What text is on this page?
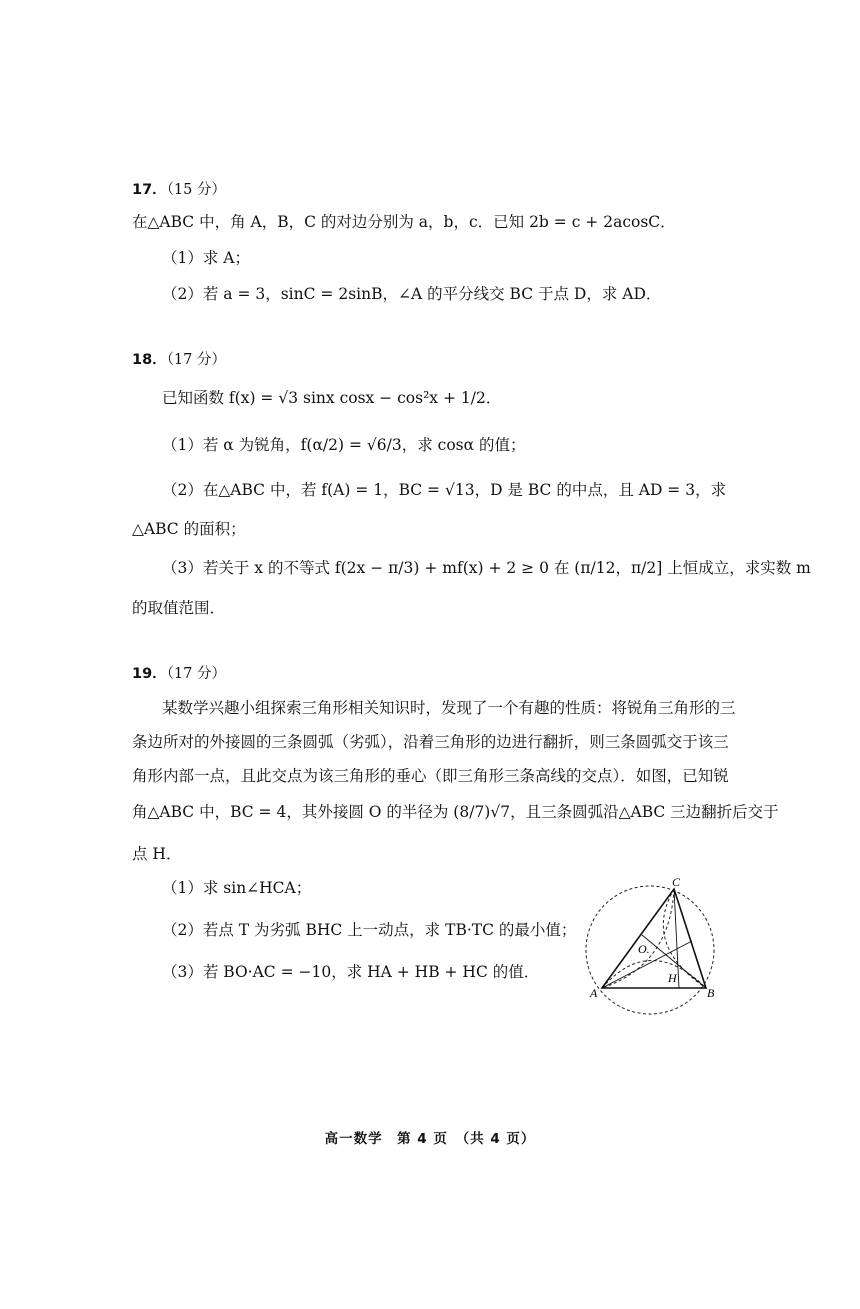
17．（15 分）
在△ABC 中，角 A，B，C 的对边分别为 a，b，c．已知 2b = c + 2acosC．
（1）求 A；
（2）若 a = 3，sinC = 2sinB，∠A 的平分线交 BC 于点 D，求 AD．
18．（17 分）
已知函数 f(x) = √3 sinx cosx − cos²x + 1/2．
（1）若 α 为锐角，f(α/2) = √6/3，求 cosα 的值；
（2）在△ABC 中，若 f(A) = 1，BC = √13，D 是 BC 的中点，且 AD = 3，求
△ABC 的面积；
（3）若关于 x 的不等式 f(2x − π/3) + mf(x) + 2 ≥ 0 在 (π/12，π/2] 上恒成立，求实数 m
的取值范围．
19．（17 分）
某数学兴趣小组探索三角形相关知识时，发现了一个有趣的性质：将锐角三角形的三
条边所对的外接圆的三条圆弧（劣弧），沿着三角形的边进行翻折，则三条圆弧交于该三
角形内部一点，且此交点为该三角形的垂心（即三角形三条高线的交点）．如图，已知锐
角△ABC 中，BC = 4，其外接圆 O 的半径为 (8/7)√7，且三条圆弧沿△ABC 三边翻折后交于
点 H．
（1）求 sin∠HCA；
（2）若点 T 为劣弧 BHC 上一动点，求 TB·TC 的最小值；
（3）若 BO·AC = −10，求 HA + HB + HC 的值．
A	B
C
O.
H
高一数学　第 4 页　（共 4 页）
